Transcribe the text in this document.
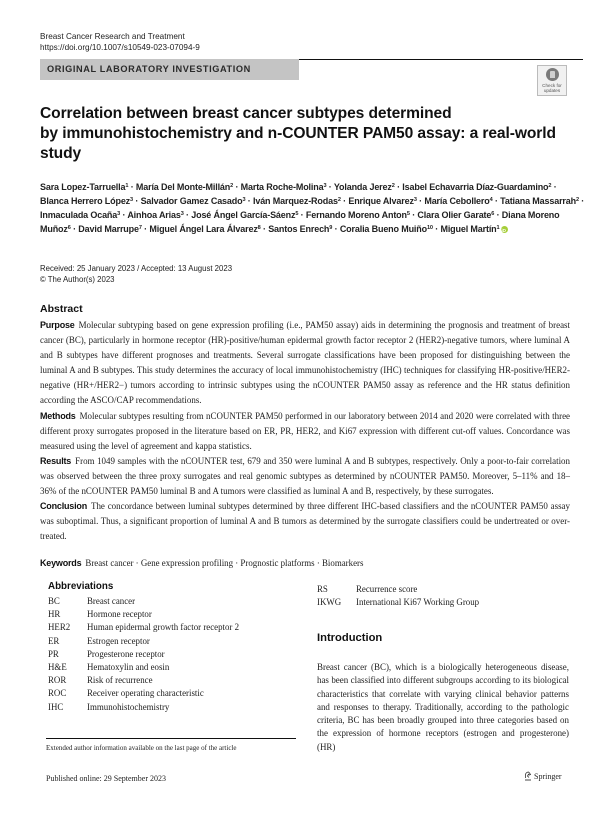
Breast Cancer Research and Treatment
https://doi.org/10.1007/s10549-023-07094-9
ORIGINAL LABORATORY INVESTIGATION
Check for
updates
Correlation between breast cancer subtypes determined
by immunohistochemistry and n-COUNTER PAM50 assay: a real-world
study
Sara Lopez-Tarruella$^1$ · María Del Monte-Millán$^2$ · Marta Roche-Molina$^3$ · Yolanda Jerez$^2$ · Isabel Echavarria Díaz-Guardamino$^2$ · Blanca Herrero López$^3$ · Salvador Gamez Casado$^3$ · Iván Marquez-Rodas$^2$ · Enrique Alvarez$^3$ · María Cebollero$^4$ · Tatiana Massarrah$^2$ · Inmaculada Ocaña$^3$ · Ainhoa Arias$^3$ · José Ángel García-Sáenz$^5$ · Fernando Moreno Anton$^5$ · Clara Olier Garate$^6$ · Diana Moreno Muñoz$^6$ · David Marrupe$^7$ · Miguel Ángel Lara Álvarez$^8$ · Santos Enrech$^9$ · Coralia Bueno Muiño$^{10}$ · Miguel Martín$^1$iD
Received: 25 January 2023 / Accepted: 13 August 2023
© The Author(s) 2023
Abstract

Purpose Molecular subtyping based on gene expression profiling (i.e., PAM50 assay) aids in determining the prognosis and treatment of breast cancer (BC), particularly in hormone receptor (HR)-positive/human epidermal growth factor receptor 2 (HER2)-negative tumors, where luminal A and B subtypes have different prognoses and treatments. Several surrogate classifications have been proposed for distinguishing between the luminal A and B subtypes. This study determines the accuracy of local immunohistochemistry (IHC) techniques for classifying HR-positive/HER2-negative (HR+/HER2−) tumors according to intrinsic subtypes using the nCOUNTER PAM50 assay as reference and the HR status definition according the ASCO/CAP recommendations.

Methods Molecular subtypes resulting from nCOUNTER PAM50 performed in our laboratory between 2014 and 2020 were correlated with three different proxy surrogates proposed in the literature based on ER, PR, HER2, and Ki67 expression with different cut-off values. Concordance was measured using the level of agreement and kappa statistics.

Results From 1049 samples with the nCOUNTER test, 679 and 350 were luminal A and B subtypes, respectively. Only a poor-to-fair correlation was observed between the three proxy surrogates and real genomic subtypes as determined by nCOUNTER PAM50. Moreover, 5–11% and 18–36% of the nCOUNTER PAM50 luminal B and A tumors were classified as luminal A and B, respectively, by these surrogates.

Conclusion The concordance between luminal subtypes determined by three different IHC-based classifiers and the nCOUNTER PAM50 assay was suboptimal. Thus, a significant proportion of luminal A and B tumors as determined by the surrogate classifiers could be undertreated or over-treated.

Keywords Breast cancer · Gene expression profiling · Prognostic platforms · Biomarkers
Abbreviations
BC	Breast cancer
HR	Hormone receptor
HER2	Human epidermal growth factor receptor 2
ER	Estrogen receptor
PR	Progesterone receptor
H&E	Hematoxylin and eosin
ROR	Risk of recurrence
ROC	Receiver operating characteristic
IHC	Immunohistochemistry
RS	Recurrence score
IKWG	International Ki67 Working Group
Introduction
Breast cancer (BC), which is a biologically heterogeneous disease, has been classified into different subgroups according to its biological characteristics that correlate with varying clinical behavior patterns and responses to therapy. Traditionally, according to the pathologic criteria, BC has been broadly grouped into three categories based on the expression of hormone receptors (estrogen and progesterone) (HR)
Extended author information available on the last page of the article
Published online: 29 September 2023	Springer
